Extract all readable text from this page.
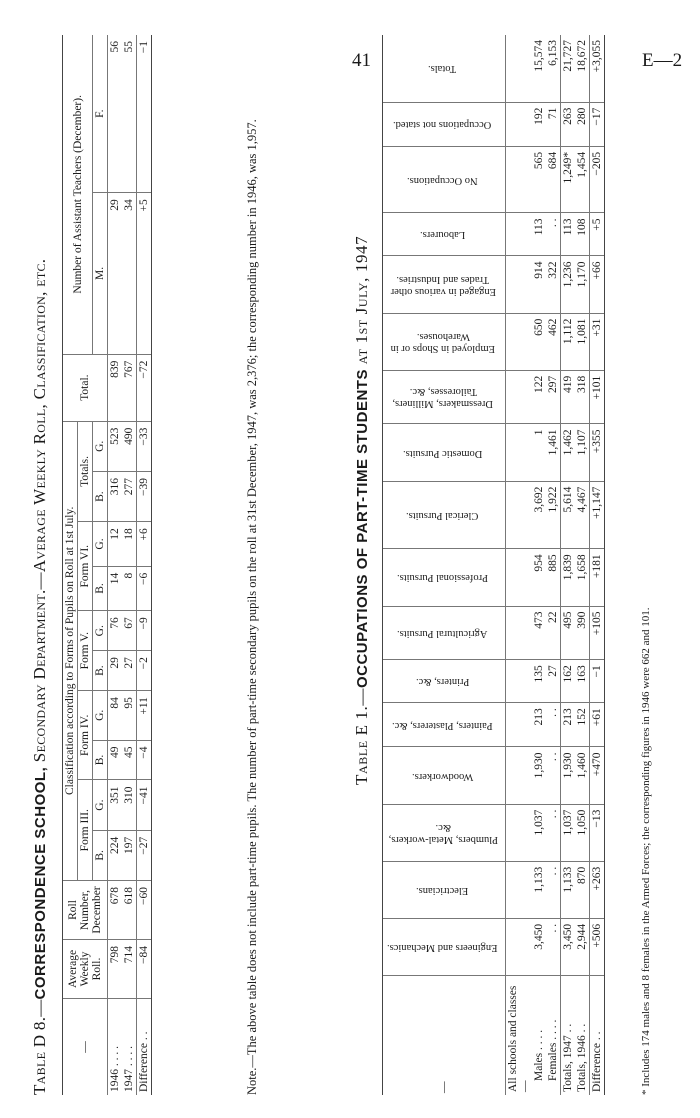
41	E—2
Table D 8.—CORRESPONDENCE SCHOOL, Secondary Department.—Average Weekly Roll, Classification, etc.
—	Average Weekly Roll.	Roll Number, December	Classification according to Forms of Pupils on Roll at 1st July.										Total.	Number of Assistant Teachers (December).	
			Form III.		Form IV.		Form V.		Form VI.		Totals.				
			B.	G.	B.	G.	B.	G.	B.	G.	B.	G.		M.	F.
1946 . . . .	798	678	224	351	49	84	29	76	14	12	316	523	839	29	56
1947 . . . .	714	618	197	310	45	95	27	67	8	18	277	490	767	34	55
Difference . .	−84	−60	−27	−41	−4	+11	−2	−9	−6	+6	−39	−33	−72	+5	−1
Note.—The above table does not include part-time pupils. The number of part-time secondary pupils on the roll at 31st December, 1947, was 2,376; the corresponding number in 1946, was 1,957.	Table E 1.—OCCUPATIONS OF PART-TIME STUDENTS at 1st July, 1947
—	Engineers and Mechanics.	Electricians.	Plumbers, Metal-workers, &c.	Woodworkers.	Painters, Plasterers, &c.	Printers, &c.	Agricultural Pursuits.	Professional Pursuits.	Clerical Pursuits.	Domestic Pursuits.	Dressmakers, Milliners, Tailoresses, &c.	Employed in Shops or in Warehouses.	Engaged in various other Trades and Industries.	Labourers.	No Occupations.	Occupations not stated.	Totals.
All schools and classes—																	
Males . . . .	3,450	1,133	1,037	1,930	213	135	473	954	3,692	1	122	650	914	113	565	192	15,574
Females . . . .	. .	. .	. .	. .	. .	27	22	885	1,922	1,461	297	462	322	. .	684	71	6,153
Totals, 1947 . .	3,450	1,133	1,037	1,930	213	162	495	1,839	5,614	1,462	419	1,112	1,236	113	1,249*	263	21,727
Totals, 1946 . .	2,944	870	1,050	1,460	152	163	390	1,658	4,467	1,107	318	1,081	1,170	108	1,454	280	18,672
Difference . .	+506	+263	−13	+470	+61	−1	+105	+181	+1,147	+355	+101	+31	+66	+5	−205	−17	+3,055
* Includes 174 males and 8 females in the Armed Forces; the corresponding figures in 1946 were 662 and 101.
